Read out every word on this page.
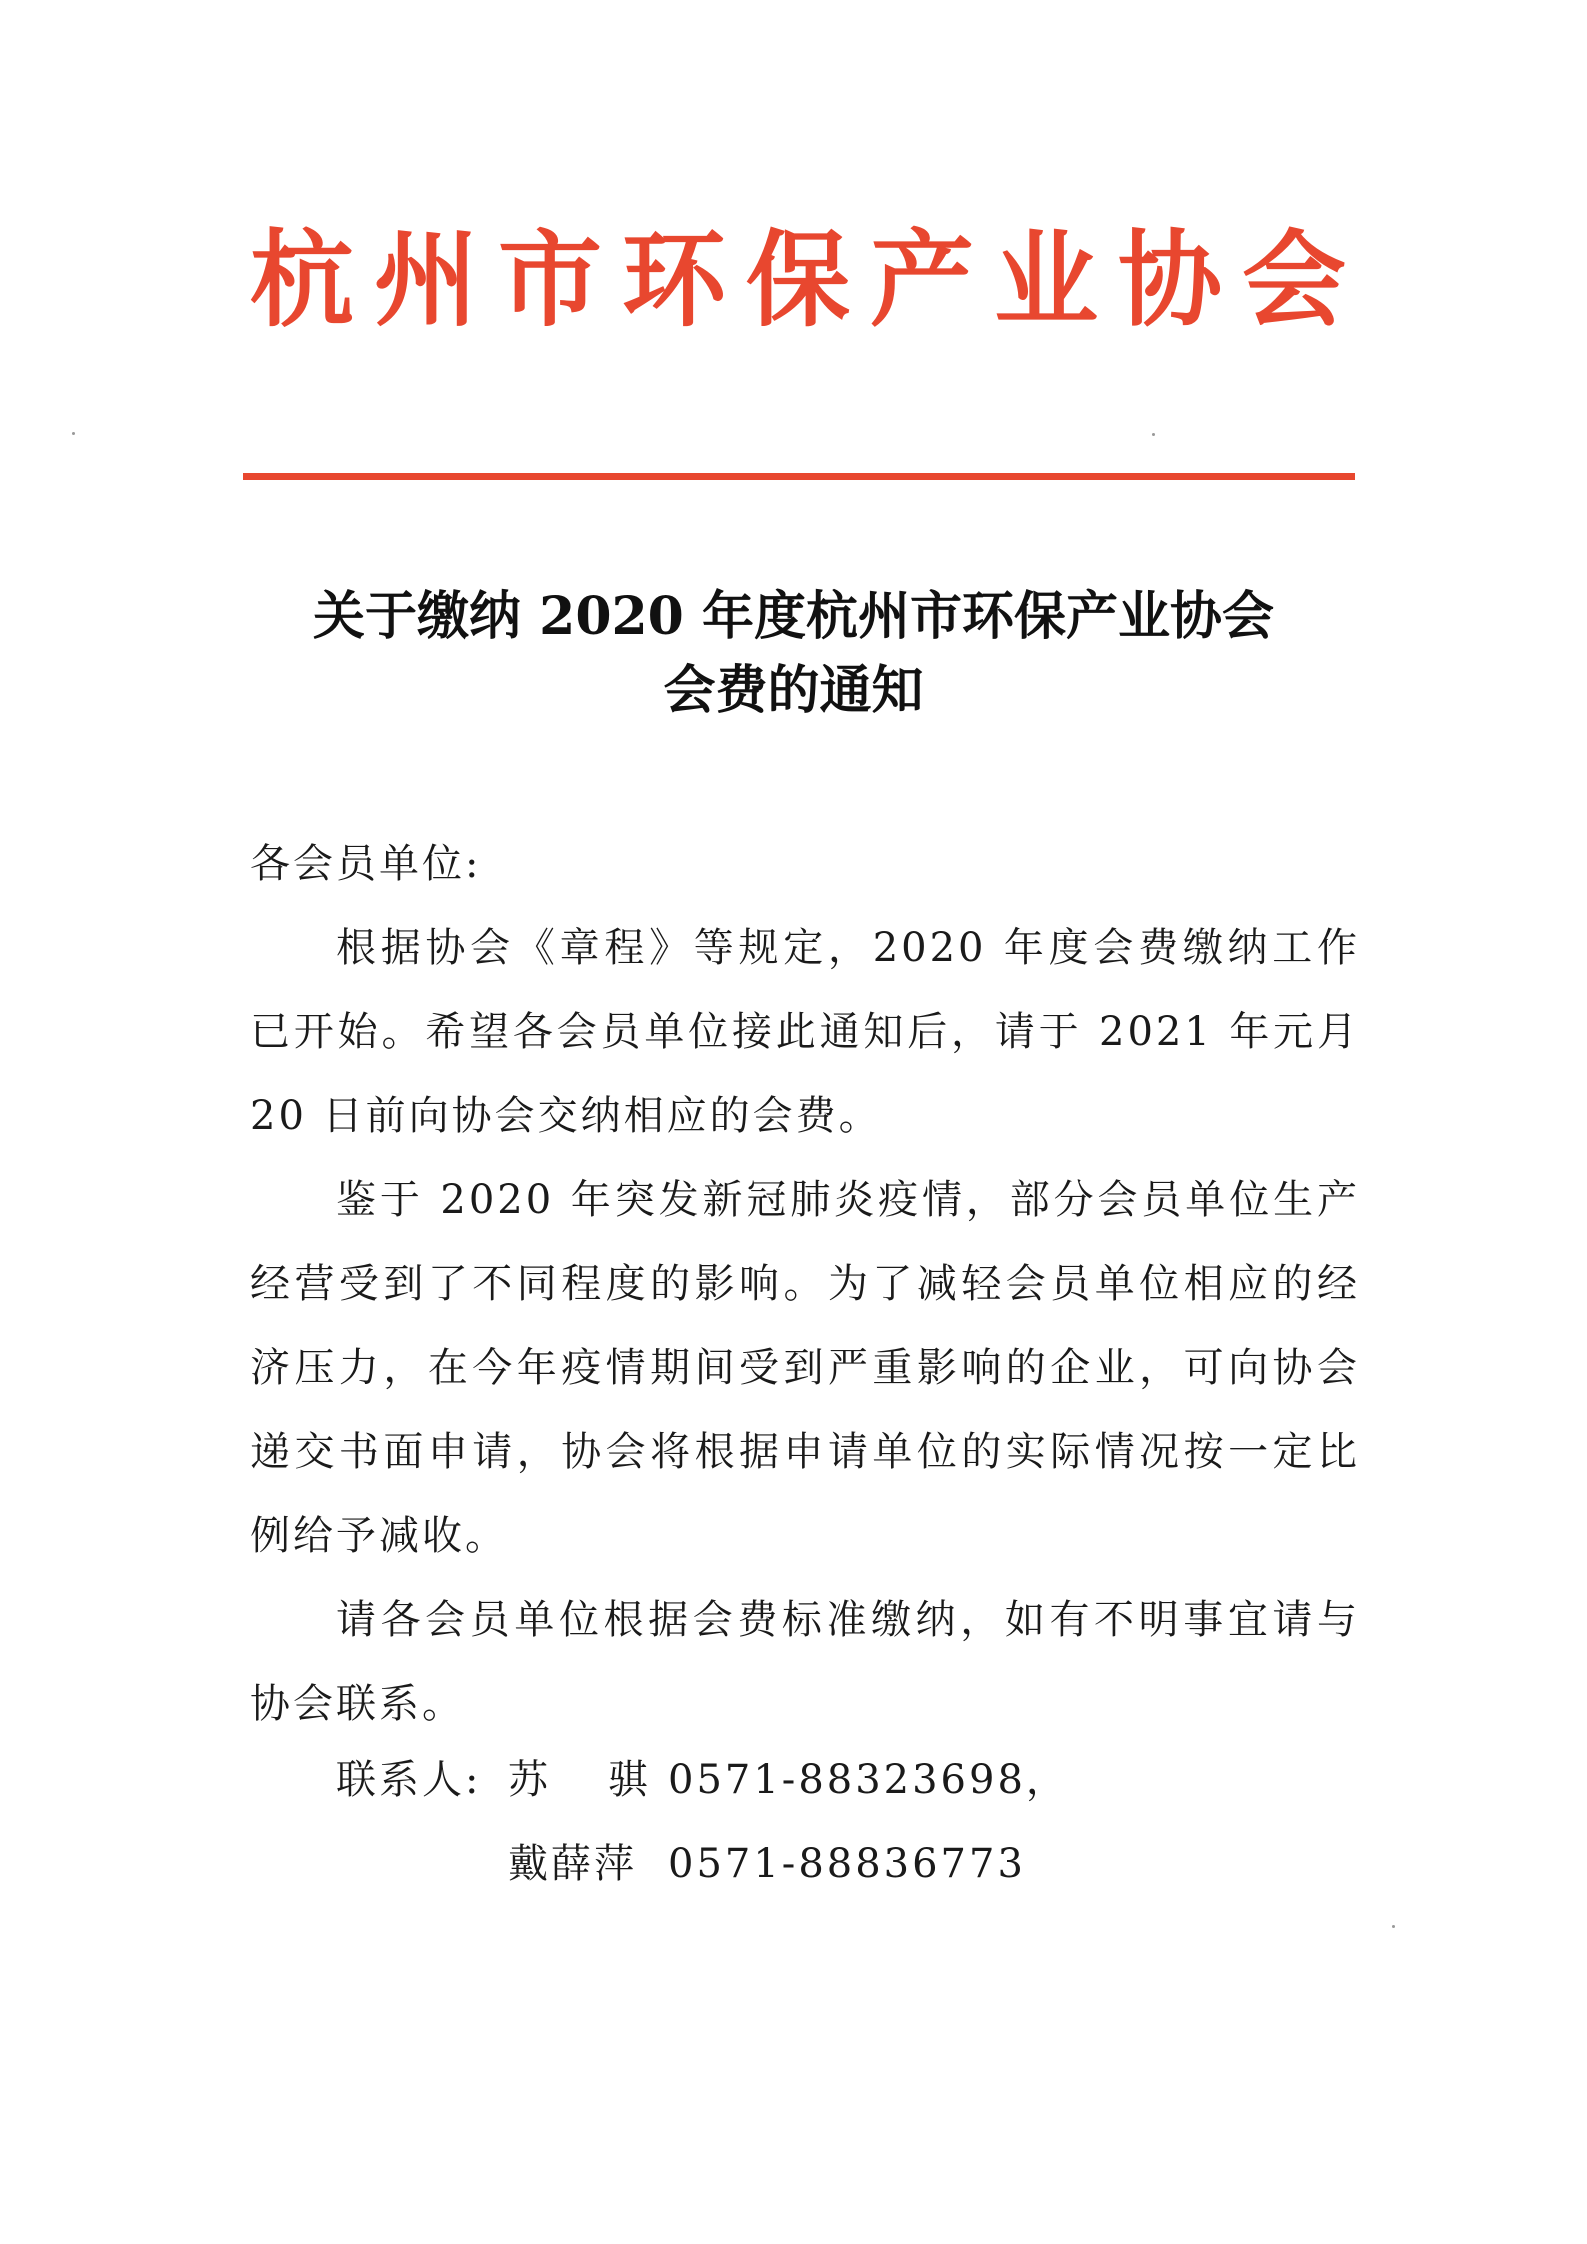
杭州市环保产业协会
关于缴纳 2020 年度杭州市环保产业协会
会费的通知

各会员单位:

根据协会《章程》等规定，2020 年度会费缴纳工作已开始。希望各会员单位接此通知后，请于 2021 年元月 20 日前向协会交纳相应的会费。

鉴于 2020 年突发新冠肺炎疫情，部分会员单位生产经营受到了不同程度的影响。为了减轻会员单位相应的经济压力，在今年疫情期间受到严重影响的企业，可向协会递交书面申请，协会将根据申请单位的实际情况按一定比例给予减收。

请各会员单位根据会费标准缴纳，如有不明事宜请与协会联系。

联系人: 苏骐0571-88323698，
戴薛萍 0571-88836773
